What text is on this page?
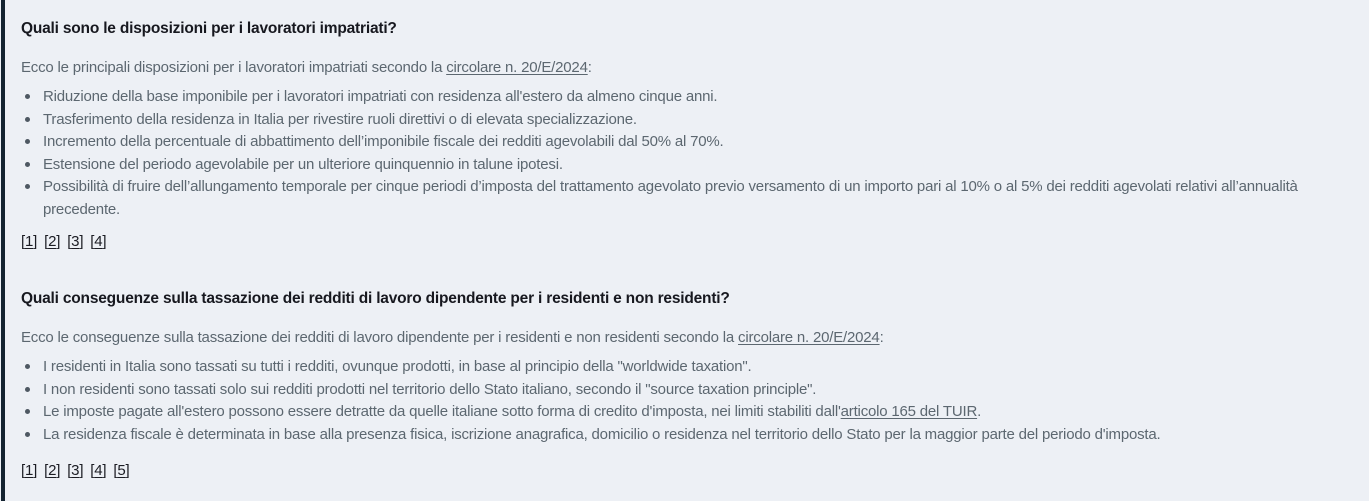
Quali sono le disposizioni per i lavoratori impatriati?

Ecco le principali disposizioni per i lavoratori impatriati secondo la circolare n. 20/E/2024:

Riduzione della base imponibile per i lavoratori impatriati con residenza all'estero da almeno cinque anni.
Trasferimento della residenza in Italia per rivestire ruoli direttivi o di elevata specializzazione.
Incremento della percentuale di abbattimento dell’imponibile fiscale dei redditi agevolabili dal 50% al 70%.
Estensione del periodo agevolabile per un ulteriore quinquennio in talune ipotesi.
Possibilità di fruire dell’allungamento temporale per cinque periodi d’imposta del trattamento agevolato previo versamento di un importo pari al 10% o al 5% dei redditi agevolati relativi all’annualità precedente.
[ 1 ] [ 2 ] [ 3 ] [ 4 ]
Quali conseguenze sulla tassazione dei redditi di lavoro dipendente per i residenti e non residenti?

Ecco le conseguenze sulla tassazione dei redditi di lavoro dipendente per i residenti e non residenti secondo la circolare n. 20/E/2024:

I residenti in Italia sono tassati su tutti i redditi, ovunque prodotti, in base al principio della "worldwide taxation".
I non residenti sono tassati solo sui redditi prodotti nel territorio dello Stato italiano, secondo il "source taxation principle".
Le imposte pagate all'estero possono essere detratte da quelle italiane sotto forma di credito d'imposta, nei limiti stabiliti dall'articolo 165 del TUIR.
La residenza fiscale è determinata in base alla presenza fisica, iscrizione anagrafica, domicilio o residenza nel territorio dello Stato per la maggior parte del periodo d'imposta.
[ 1 ] [ 2 ] [ 3 ] [ 4 ] [ 5 ]
